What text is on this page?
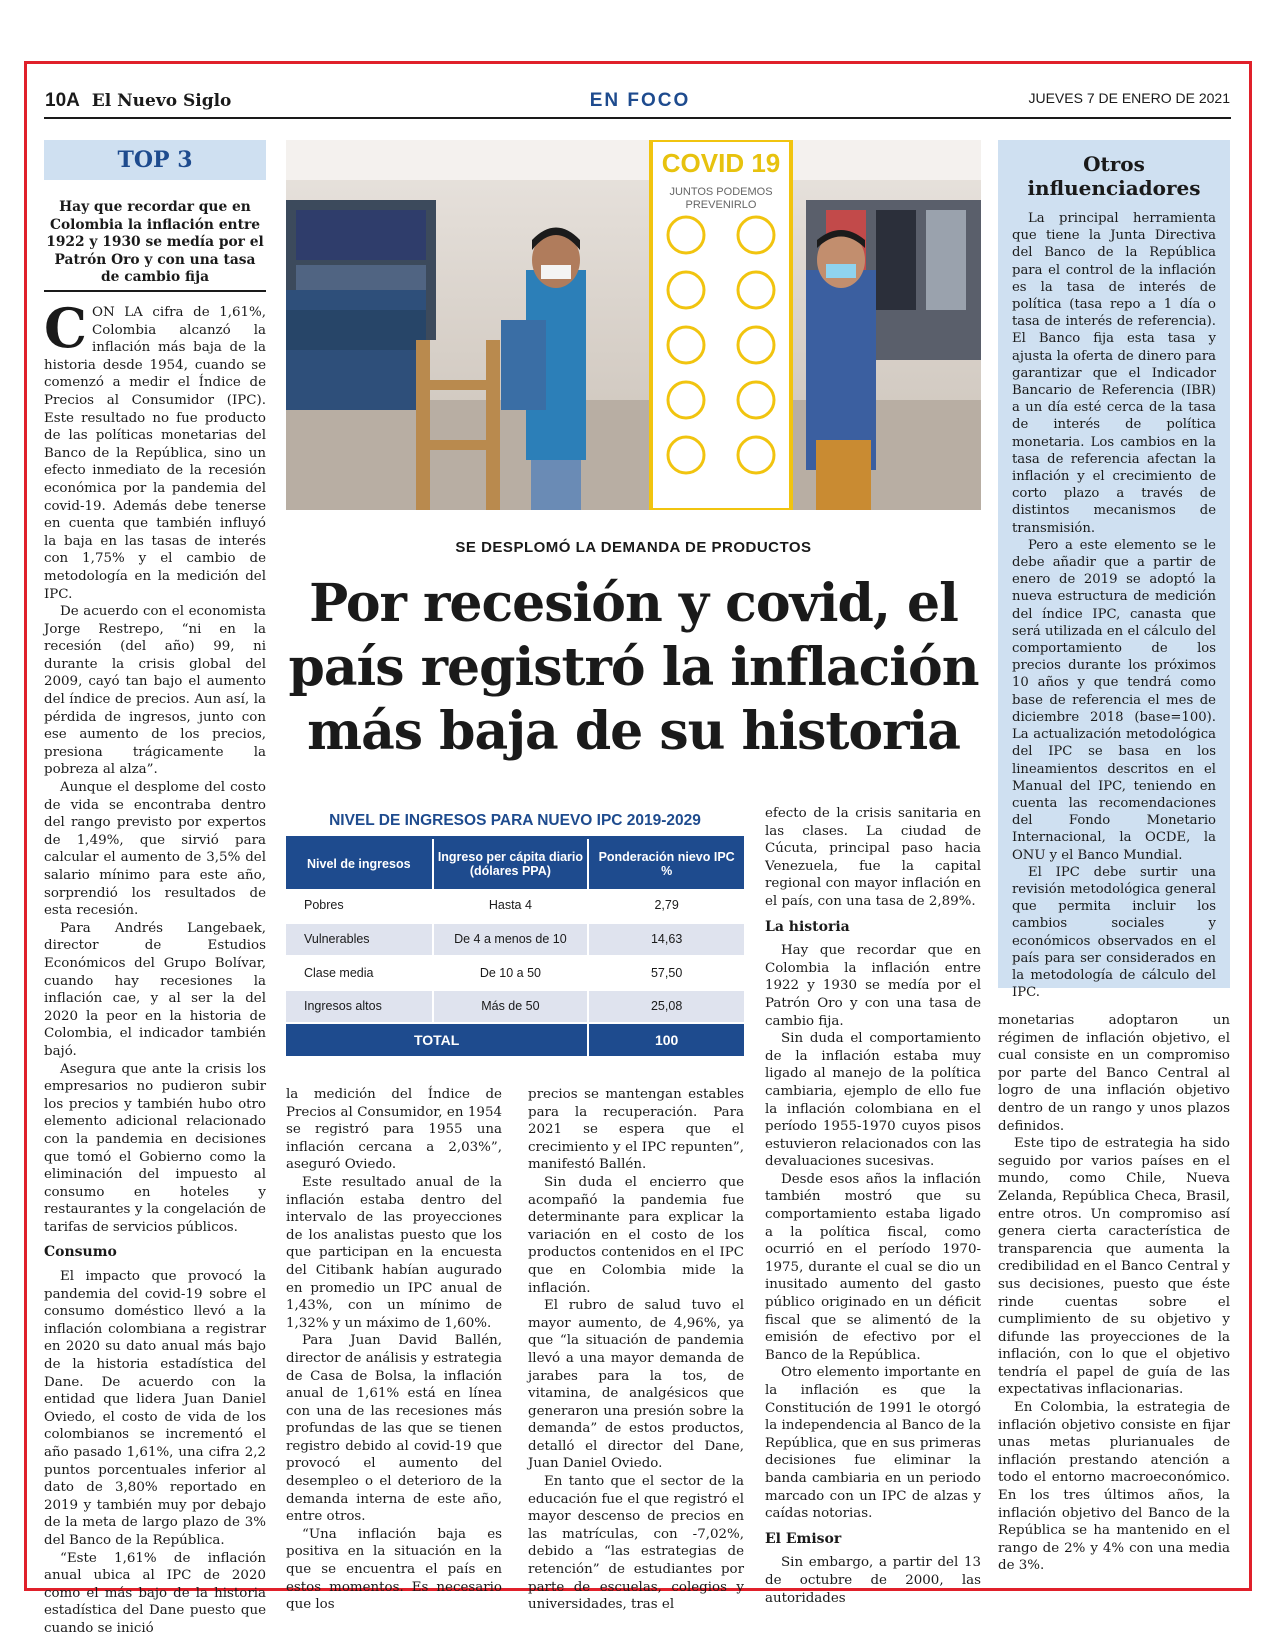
10A El Nuevo Siglo	EN FOCO	JUEVES 7 DE ENERO DE 2021
TOP 3
Hay que recordar que en Colombia la inflación entre 1922 y 1930 se medía por el Patrón Oro y con una tasa de cambio fija

CON LA cifra de 1,61%, Colombia alcanzó la inflación más baja de la historia desde 1954, cuando se comenzó a medir el Índice de Precios al Consumidor (IPC). Este resultado no fue producto de las políticas monetarias del Banco de la República, sino un efecto inmediato de la recesión económica por la pandemia del covid-19. Además debe tenerse en cuenta que también influyó la baja en las tasas de interés con 1,75% y el cambio de metodología en la medición del IPC.

De acuerdo con el economista Jorge Restrepo, “ni en la recesión (del año) 99, ni durante la crisis global del 2009, cayó tan bajo el aumento del índice de precios. Aun así, la pérdida de ingresos, junto con ese aumento de los precios, presiona trágicamente la pobreza al alza”.

Aunque el desplome del costo de vida se encontraba dentro del rango previsto por expertos de 1,49%, que sirvió para calcular el aumento de 3,5% del salario mínimo para este año, sorprendió los resultados de esta recesión.

Para Andrés Langebaek, director de Estudios Económicos del Grupo Bolívar, cuando hay recesiones la inflación cae, y al ser la del 2020 la peor en la historia de Colombia, el indicador también bajó.

Asegura que ante la crisis los empresarios no pudieron subir los precios y también hubo otro elemento adicional relacionado con la pandemia en decisiones que tomó el Gobierno como la eliminación del impuesto al consumo en hoteles y restaurantes y la congelación de tarifas de servicios públicos.

Consumo

El impacto que provocó la pandemia del covid-19 sobre el consumo doméstico llevó a la inflación colombiana a registrar en 2020 su dato anual más bajo de la historia estadística del Dane. De acuerdo con la entidad que lidera Juan Daniel Oviedo, el costo de vida de los colombianos se incrementó el año pasado 1,61%, una cifra 2,2 puntos porcentuales inferior al dato de 3,80% reportado en 2019 y también muy por debajo de la meta de largo plazo de 3% del Banco de la República.

“Este 1,61% de inflación anual ubica al IPC de 2020 como el más bajo de la historia estadística del Dane puesto que cuando se inició

COVID 19
JUNTOS PODEMOS
PREVENIRLO
SE DESPLOMÓ LA DEMANDA DE PRODUCTOS
Por recesión y covid, el
país registró la inflación
más baja de su historia
NIVEL DE INGRESOS PARA NUEVO IPC 2019-2029
Nivel de ingresos	Ingreso per cápita diario (dólares PPA)	Ponderación nievo IPC %
Pobres	Hasta 4	2,79
Vulnerables	De 4 a menos de 10	14,63
Clase media	De 10 a 50	57,50
Ingresos altos	Más de 50	25,08
TOTAL		100

la medición del Índice de Precios al Consumidor, en 1954 se registró para 1955 una inflación cercana a 2,03%”, aseguró Oviedo.

Este resultado anual de la inflación estaba dentro del intervalo de las proyecciones de los analistas puesto que los que participan en la encuesta del Citibank habían augurado en promedio un IPC anual de 1,43%, con un mínimo de 1,32% y un máximo de 1,60%.

Para Juan David Ballén, director de análisis y estrategia de Casa de Bolsa, la inflación anual de 1,61% está en línea con una de las recesiones más profundas de las que se tienen registro debido al covid-19 que provocó el aumento del desempleo o el deterioro de la demanda interna de este año, entre otros.

“Una inflación baja es positiva en la situación en la que se encuentra el país en estos momentos. Es necesario que los

precios se mantengan estables para la recuperación. Para 2021 se espera que el crecimiento y el IPC repunten”, manifestó Ballén.

Sin duda el encierro que acompañó la pandemia fue determinante para explicar la variación en el costo de los productos contenidos en el IPC que en Colombia mide la inflación.

El rubro de salud tuvo el mayor aumento, de 4,96%, ya que “la situación de pandemia llevó a una mayor demanda de jarabes para la tos, de vitamina, de analgésicos que generaron una presión sobre la demanda” de estos productos, detalló el director del Dane, Juan Daniel Oviedo.

En tanto que el sector de la educación fue el que registró el mayor descenso de precios en las matrículas, con -7,02%, debido a “las estrategias de retención” de estudiantes por parte de escuelas, colegios y universidades, tras el

efecto de la crisis sanitaria en las clases. La ciudad de Cúcuta, principal paso hacia Venezuela, fue la capital regional con mayor inflación en el país, con una tasa de 2,89%.

La historia

Hay que recordar que en Colombia la inflación entre 1922 y 1930 se medía por el Patrón Oro y con una tasa de cambio fija.

Sin duda el comportamiento de la inflación estaba muy ligado al manejo de la política cambiaria, ejemplo de ello fue la inflación colombiana en el período 1955-1970 cuyos pisos estuvieron relacionados con las devaluaciones sucesivas.

Desde esos años la inflación también mostró que su comportamiento estaba ligado a la política fiscal, como ocurrió en el período 1970- 1975, durante el cual se dio un inusitado aumento del gasto público originado en un déficit fiscal que se alimentó de la emisión de efectivo por el Banco de la República.

Otro elemento importante en la inflación es que la Constitución de 1991 le otorgó la independencia al Banco de la República, que en sus primeras decisiones fue eliminar la banda cambiaria en un periodo marcado con un IPC de alzas y caídas notorias.

El Emisor

Sin embargo, a partir del 13 de octubre de 2000, las autoridades

Otros
influenciadores

La principal herramienta que tiene la Junta Directiva del Banco de la República para el control de la inflación es la tasa de interés de política (tasa repo a 1 día o tasa de interés de referencia). El Banco fija esta tasa y ajusta la oferta de dinero para garantizar que el Indicador Bancario de Referencia (IBR) a un día esté cerca de la tasa de interés de política monetaria. Los cambios en la tasa de referencia afectan la inflación y el crecimiento de corto plazo a través de distintos mecanismos de transmisión.

Pero a este elemento se le debe añadir que a partir de enero de 2019 se adoptó la nueva estructura de medición del índice IPC, canasta que será utilizada en el cálculo del comportamiento de los precios durante los próximos 10 años y que tendrá como base de referencia el mes de diciembre 2018 (base=100). La actualización metodológica del IPC se basa en los lineamientos descritos en el Manual del IPC, teniendo en cuenta las recomendaciones del Fondo Monetario Internacional, la OCDE, la ONU y el Banco Mundial.

El IPC debe surtir una revisión metodológica general que permita incluir los cambios sociales y económicos observados en el país para ser considerados en la metodología de cálculo del IPC.

monetarias adoptaron un régimen de inflación objetivo, el cual consiste en un compromiso por parte del Banco Central al logro de una inflación objetivo dentro de un rango y unos plazos definidos.

Este tipo de estrategia ha sido seguido por varios países en el mundo, como Chile, Nueva Zelanda, República Checa, Brasil, entre otros. Un compromiso así genera cierta característica de transparencia que aumenta la credibilidad en el Banco Central y sus decisiones, puesto que éste rinde cuentas sobre el cumplimiento de su objetivo y difunde las proyecciones de la inflación, con lo que el objetivo tendría el papel de guía de las expectativas inflacionarias.

En Colombia, la estrategia de inflación objetivo consiste en fijar unas metas plurianuales de inflación prestando atención a todo el entorno macroeconómico. En los tres últimos años, la inflación objetivo del Banco de la República se ha mantenido en el rango de 2% y 4% con una media de 3%.
